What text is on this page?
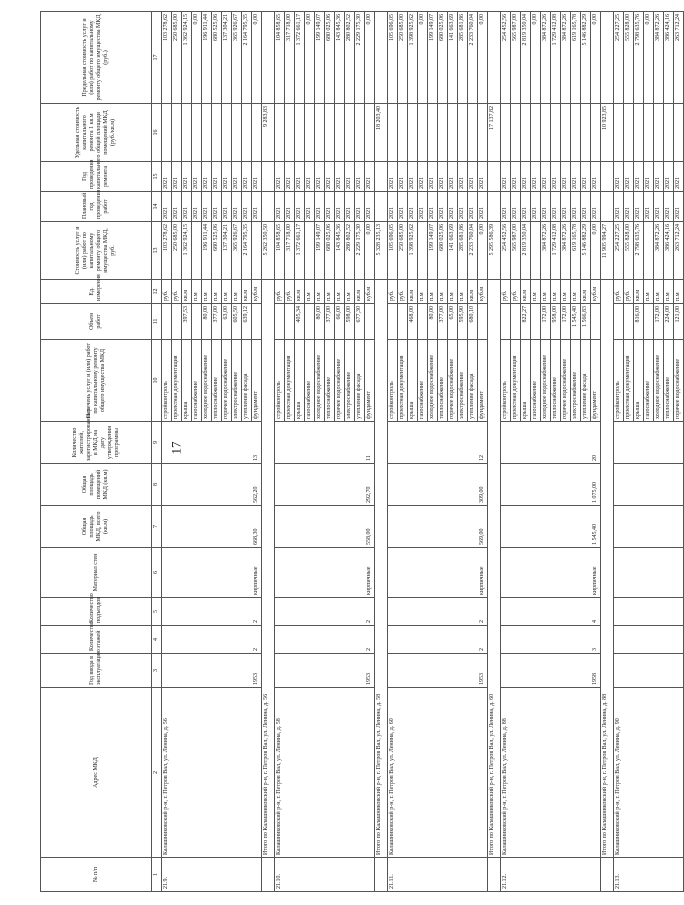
17
№ п/п	Адрес МКД	Год ввода в эксплуатацию	Количество этажей	Количество подъездов	Материал стен	Общая площадь МКД, всего (кв.м)	Общая площадь помещений МКД (кв.м)	Количество жителей, зарегистрированных в МКД на дату утверждения программы	Перечень услуг и (или) работ по капитальному ремонту общего имущества МКД	Объем работ	Ед. измерения	Стоимость услуг и (или) работ по капитальному ремонту общего имущества МКД, руб.	Плановый год проведения работ	Год проведения капитального ремонта	Удельная стоимость капитального ремонта 1 кв.м общей площади помещений МКД (руб./кв.м)	Предельная стоимость услуг и (или) работ по капитальному ремонту общего имущества МКД (руб.)
1	2	3	4	5	6	7	8	9	10	11	12	13	14	15	16	17
21.9.	Калашниковский р-н, г. Петров Вал, ул. Ленина, д. 56	1953	2	2	кирпичные	668,30	562,20	13	стройконтроль		руб.	103 278,62	2021	2021		103 278,62
									проектная документация		руб.	250 685,00	2021	2021		250 685,00
									крыша	397,53	кв.м	1 362 924,15	2021	2021		1 362 924,15
									газоснабжение		п.м		2021	2021		0,00
									холодное водоснабжение	80,00	п.м	196 911,44	2021	2021		196 911,44
									теплоснабжение	377,00	п.м	680 525,06	2021	2021		680 525,06
									горячее водоснабжение	63,00	п.м	137 304,21	2021	2021		137 304,21
									электроснабжение	605,50	п.м	365 926,67	2021	2021		365 926,67
									утепление фасада	639,12	кв.м	2 164 795,35	2021	2021		2 164 795,35
									фундамент		куб.м		2021	2021		0,00
	Итого по Калашниковский р-н, г. Петров Вал, ул. Ленина, д. 56											5 262 350,50			9 283,83	
21.10.	Калашниковский р-н, г. Петров Вал, ул. Ленина, д. 58	1953	2	2	кирпичные	558,00	292,70	11	стройконтроль		руб.	104 858,65	2021	2021		104 858,65
									проектная документация		руб.	317 718,00	2021	2021		317 718,00
									крыша	405,34	кв.м	1 372 661,17	2021	2021		1 372 661,17
									газоснабжение		п.м		2021	2021		0,00
									холодное водоснабжение	80,00	п.м	199 149,07	2021	2021		199 149,07
									теплоснабжение	377,00	п.м	680 025,06	2021	2021		680 025,06
									горячее водоснабжение	66,00	п.м	143 845,36	2021	2021		143 845,36
									электроснабжение	598,00	п.м	280 802,52	2021	2021		280 802,52
									утепление фасада	677,30	кв.м	2 229 175,30	2021	2021		2 229 175,30
									фундамент		куб.м	0,00	2021	2021		0,00
	Итого по Калашниковский р-н, г. Петров Вал, ул. Ленина, д. 58											5 328 235,13			18 203,40	
21.11.	Калашниковский р-н, г. Петров Вал, ул. Ленина, д. 60	1953	2	2	кирпичные	569,00	309,00	12	стройконтроль		руб.	105 696,05	2021	2021		105 696,05
									проектная документация		руб.	250 685,00	2021	2021		250 685,00
									крыша	468,00	кв.м	1 398 925,62	2021	2021		1 398 925,62
									газоснабжение		п.м		2021	2021		0,00
									холодное водоснабжение	80,00	п.м	199 149,07	2021	2021		199 149,07
									теплоснабжение	377,00	п.м	680 025,06	2021	2021		680 025,06
									горячее водоснабжение	65,00	п.м	141 663,69	2021	2021		141 663,69
									электроснабжение	595,90	п.м	285 681,86	2021	2021		285 681,86
									утепление фасада	680,10	кв.м	2 233 760,04	2021	2021		2 233 760,04
									фундамент		куб.м	0,00	2021	2021		0,00
	Итого по Калашниковский р-н, г. Петров Вал, ул. Ленина, д. 60											5 295 586,39			17 137,82	
21.12.	Калашниковский р-н, г. Петров Вал, ул. Ленина, д. 88	1958	3	4	кирпичные	1 545,40	1 075,00	20	стройконтроль		руб.	254 452,56	2021	2021		254 452,56
									проектная документация		руб.	565 987,00	2021	2021		565 987,00
									крыша	822,27	кв.м	2 819 350,04	2021	2021		2 819 350,04
									газоснабжение		п.м		2021	2021		0,00
									холодное водоснабжение	172,00	п.м	384 872,26	2021	2021		384 872,26
									теплоснабжение	958,00	п.м	1 729 412,08	2021	2021		1 729 412,08
									горячее водоснабжение	172,00	п.м	384 872,26	2021	2021		384 872,26
									электроснабжение	1 545,40	п.м	619 165,78	2021	2021		619 165,78
									утепление фасада	1 566,83	кв.м	5 146 882,29	2021	2021		5 146 882,29
									фундамент		куб.м	0,00	2021	2021		0,00
	Итого по Калашниковский р-н, г. Петров Вал, ул. Ленина, д. 88											11 905 994,27			10 923,85	
21.13.	Калашниковский р-н, г. Петров Вал, ул. Ленина, д. 90								стройконтроль		руб.	254 227,25	2021	2021		254 227,25
									проектная документация		руб.	555 828,00	2021	2021		555 828,00
									крыша	816,00	кв.м	2 798 635,76	2021	2021		2 798 635,76
									газоснабжение		п.м		2021	2021		0,00
									холодное водоснабжение	172,00	п.м	384 872,26	2021	2021		384 872,26
									теплоснабжение	224,00	п.м	386 424,16	2021	2021		386 424,16
									горячее водоснабжение	121,00	п.м	263 712,24	2021	2021		263 712,24
